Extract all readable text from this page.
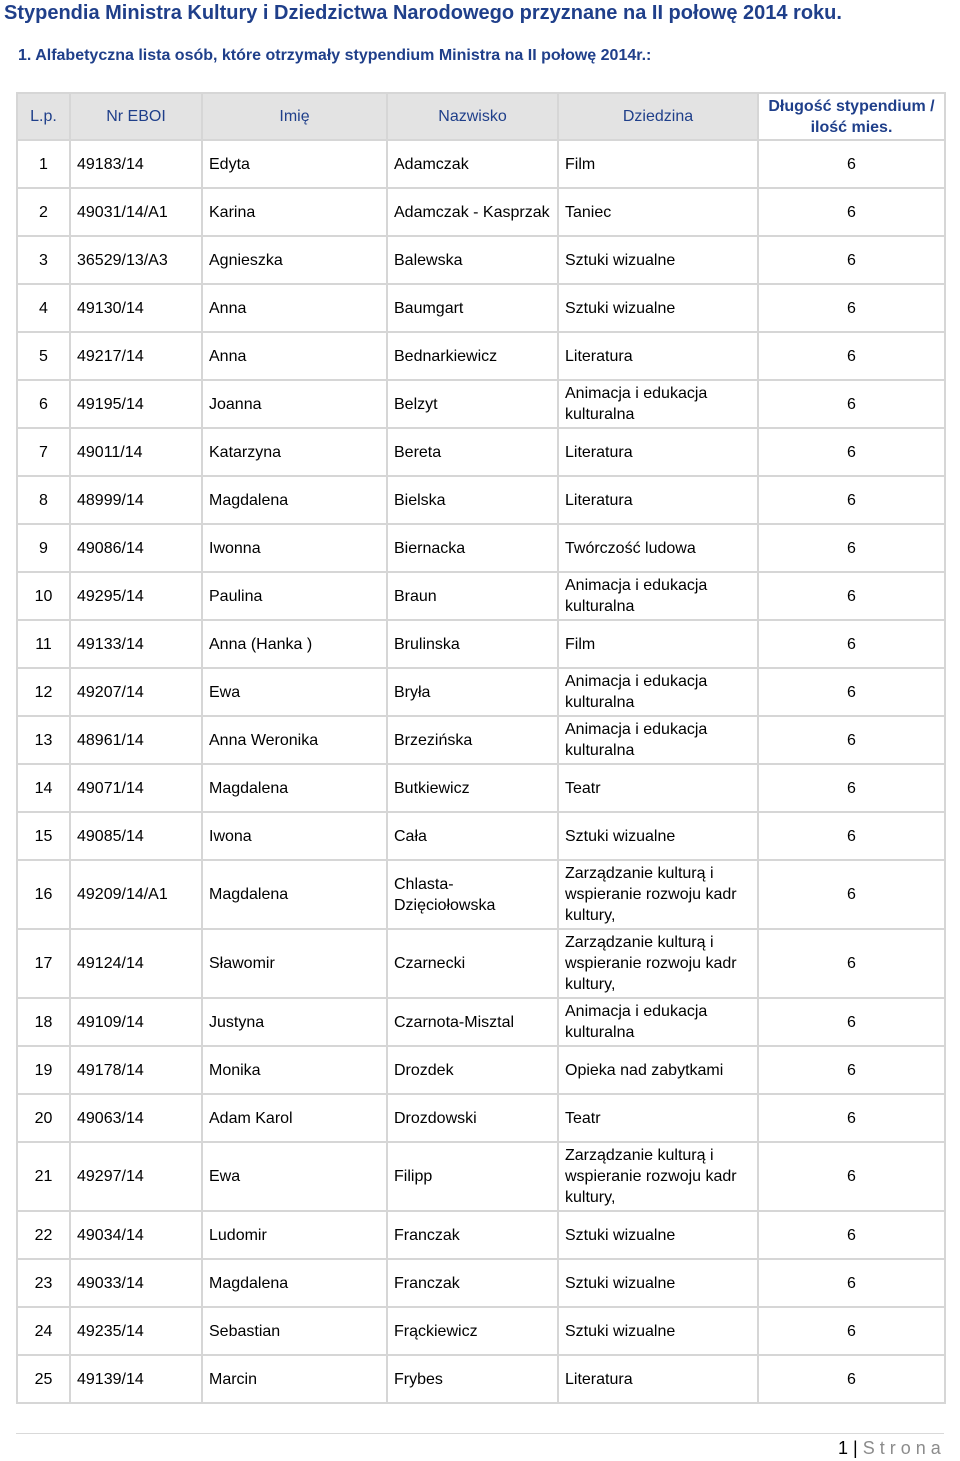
Stypendia Ministra Kultury i Dziedzictwa Narodowego przyznane na II połowę 2014 roku.
1. Alfabetyczna lista osób, które otrzymały stypendium Ministra na II połowę 2014r.:
L.p.	Nr EBOI	Imię	Nazwisko	Dziedzina	Długość stypendium / ilość mies.
1	49183/14	Edyta	Adamczak	Film	6
2	49031/14/A1	Karina	Adamczak - Kasprzak	Taniec	6
3	36529/13/A3	Agnieszka	Balewska	Sztuki wizualne	6
4	49130/14	Anna	Baumgart	Sztuki wizualne	6
5	49217/14	Anna	Bednarkiewicz	Literatura	6
6	49195/14	Joanna	Belzyt	Animacja i edukacja kulturalna	6
7	49011/14	Katarzyna	Bereta	Literatura	6
8	48999/14	Magdalena	Bielska	Literatura	6
9	49086/14	Iwonna	Biernacka	Twórczość ludowa	6
10	49295/14	Paulina	Braun	Animacja i edukacja kulturalna	6
11	49133/14	Anna (Hanka )	Brulinska	Film	6
12	49207/14	Ewa	Bryła	Animacja i edukacja kulturalna	6
13	48961/14	Anna Weronika	Brzezińska	Animacja i edukacja kulturalna	6
14	49071/14	Magdalena	Butkiewicz	Teatr	6
15	49085/14	Iwona	Cała	Sztuki wizualne	6
16	49209/14/A1	Magdalena	Chlasta-Dzięciołowska	Zarządzanie kulturą i wspieranie rozwoju kadr kultury,	6
17	49124/14	Sławomir	Czarnecki	Zarządzanie kulturą i wspieranie rozwoju kadr kultury,	6
18	49109/14	Justyna	Czarnota-Misztal	Animacja i edukacja kulturalna	6
19	49178/14	Monika	Drozdek	Opieka nad zabytkami	6
20	49063/14	Adam Karol	Drozdowski	Teatr	6
21	49297/14	Ewa	Filipp	Zarządzanie kulturą i wspieranie rozwoju kadr kultury,	6
22	49034/14	Ludomir	Franczak	Sztuki wizualne	6
23	49033/14	Magdalena	Franczak	Sztuki wizualne	6
24	49235/14	Sebastian	Frąckiewicz	Sztuki wizualne	6
25	49139/14	Marcin	Frybes	Literatura	6
1 | Strona
